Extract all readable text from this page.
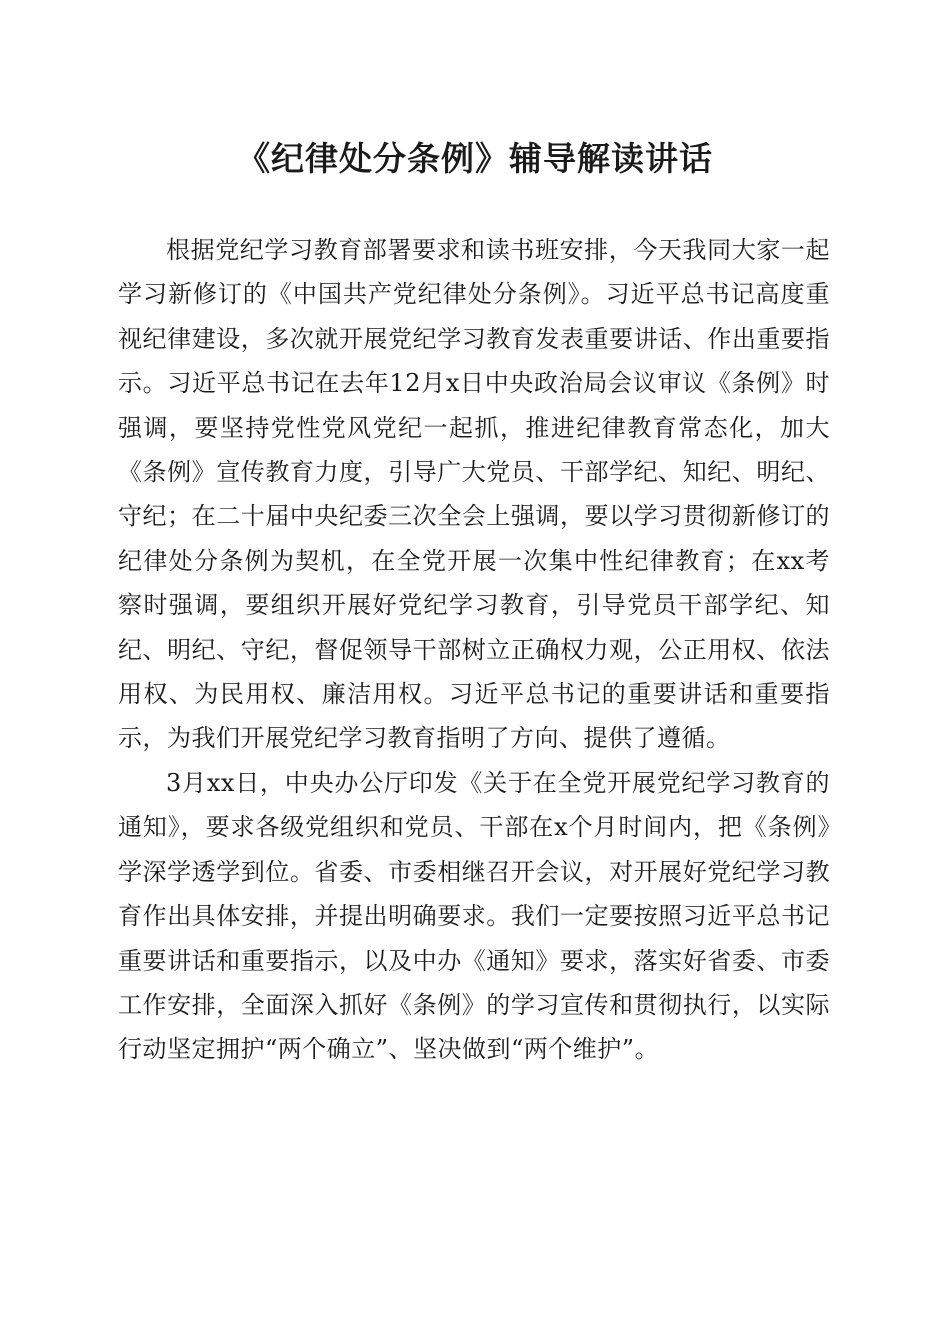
《纪律处分条例》辅导解读讲话

根据党纪学习教育部署要求和读书班安排，今天我同大家一起学习新修订的《中国共产党纪律处分条例》。习近平总书记高度重视纪律建设，多次就开展党纪学习教育发表重要讲话、作出重要指示。习近平总书记在去年12月x日中央政治局会议审议《条例》时强调，要坚持党性党风党纪一起抓，推进纪律教育常态化，加大《条例》宣传教育力度，引导广大党员、干部学纪、知纪、明纪、守纪；在二十届中央纪委三次全会上强调，要以学习贯彻新修订的纪律处分条例为契机，在全党开展一次集中性纪律教育；在xx考察时强调，要组织开展好党纪学习教育，引导党员干部学纪、知纪、明纪、守纪，督促领导干部树立正确权力观，公正用权、依法用权、为民用权、廉洁用权。习近平总书记的重要讲话和重要指示，为我们开展党纪学习教育指明了方向、提供了遵循。

3月xx日，中央办公厅印发《关于在全党开展党纪学习教育的通知》，要求各级党组织和党员、干部在x个月时间内，把《条例》学深学透学到位。省委、市委相继召开会议，对开展好党纪学习教育作出具体安排，并提出明确要求。我们一定要按照习近平总书记重要讲话和重要指示，以及中办《通知》要求，落实好省委、市委工作安排，全面深入抓好《条例》的学习宣传和贯彻执行，以实际行动坚定拥护“两个确立”、坚决做到“两个维护”。
